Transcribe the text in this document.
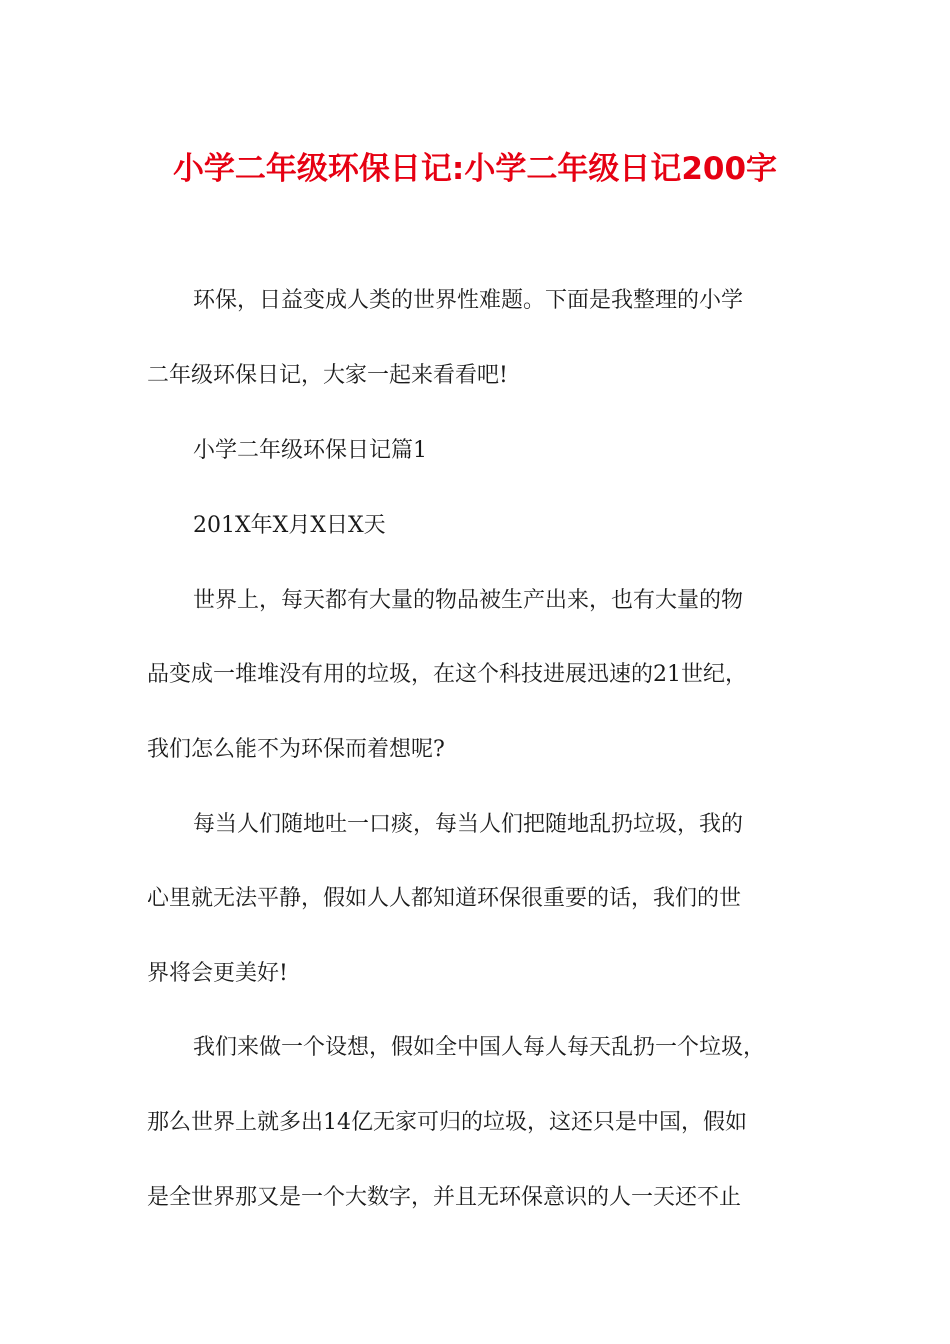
小学二年级环保日记:小学二年级日记200字
环保，日益变成人类的世界性难题。下面是我整理的小学
二年级环保日记，大家一起来看看吧!
小学二年级环保日记篇1
201X年X月X日X天
世界上，每天都有大量的物品被生产出来，也有大量的物
品变成一堆堆没有用的垃圾，在这个科技进展迅速的21世纪，
我们怎么能不为环保而着想呢?
每当人们随地吐一口痰，每当人们把随地乱扔垃圾，我的
心里就无法平静，假如人人都知道环保很重要的话，我们的世
界将会更美好!
我们来做一个设想，假如全中国人每人每天乱扔一个垃圾，
那么世界上就多出14亿无家可归的垃圾，这还只是中国，假如
是全世界那又是一个大数字，并且无环保意识的人一天还不止
